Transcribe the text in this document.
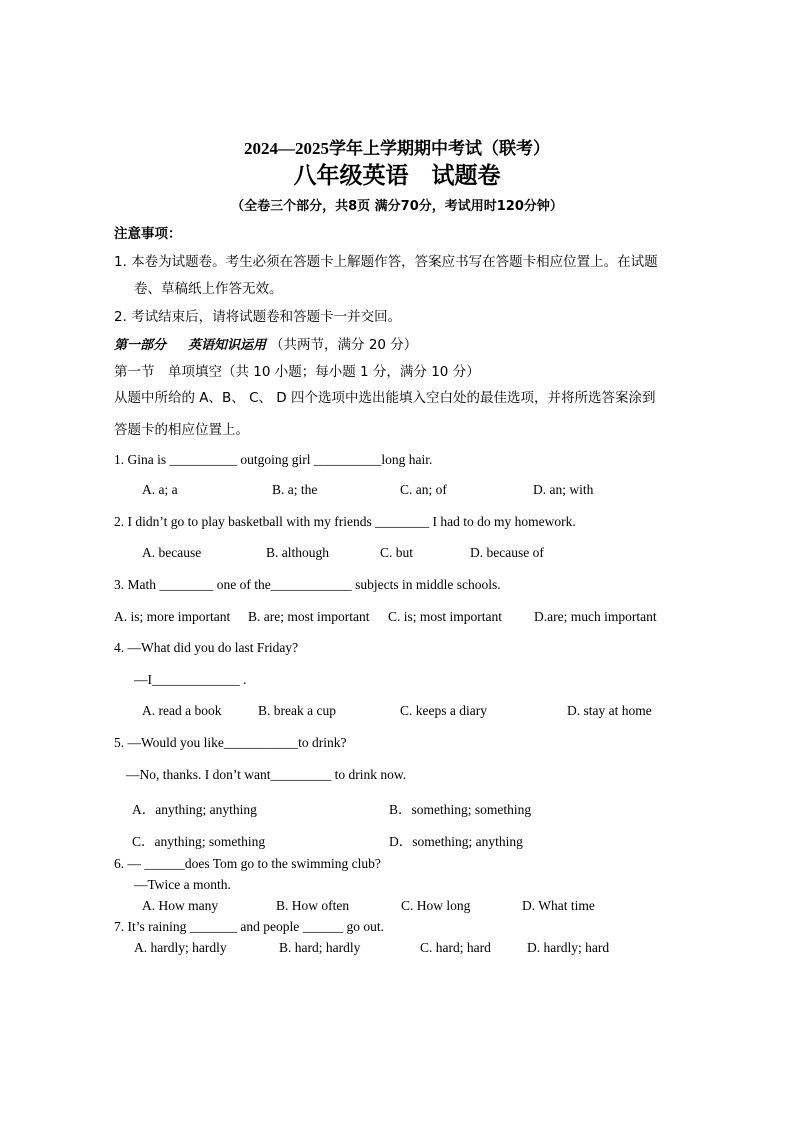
2024—2025学年上学期期中考试（联考）
八年级英语　试题卷
（全卷三个部分，共8页 满分70分，考试用时120分钟）
注意事项：
1. 本卷为试题卷。考生必须在答题卡上解题作答，答案应书写在答题卡相应位置上。在试题
卷、草稿纸上作答无效。
2. 考试结束后，请将试题卷和答题卡一并交回。
第一部分 英语知识运用 （共两节，满分 20 分）
第一节　单项填空（共 10 小题；每小题 1 分，满分 10 分）
从题中所给的 A、B、 C、 D 四个选项中选出能填入空白处的最佳选项，并将所选答案涂到
答题卡的相应位置上。
1. Gina is __________ outgoing girl __________long hair.
A. a; a	B. a; the	C. an; of	D. an; with
2. I didn’t go to play basketball with my friends ________ I had to do my homework.
A. because	B. although	C. but	D. because of
3. Math ________ one of the____________ subjects in middle schools.
A. is; more important B. are; most important C. is; most important D.are; much important
4. —What did you do last Friday?
—I_____________ .
A. read a book	B. break a cup	C. keeps a diary	D. stay at home
5. —Would you like___________to drink?
—No, thanks. I don’t want_________ to drink now.
A．anything; anything	B．something; something
C．anything; something	D．something; anything
6. — ______does Tom go to the swimming club?
—Twice a month.
A. How many	B. How often	C. How long	D. What time
7. It’s raining _______ and people ______ go out.
A. hardly; hardly	B. hard; hardly	C. hard; hard	D. hardly; hard
